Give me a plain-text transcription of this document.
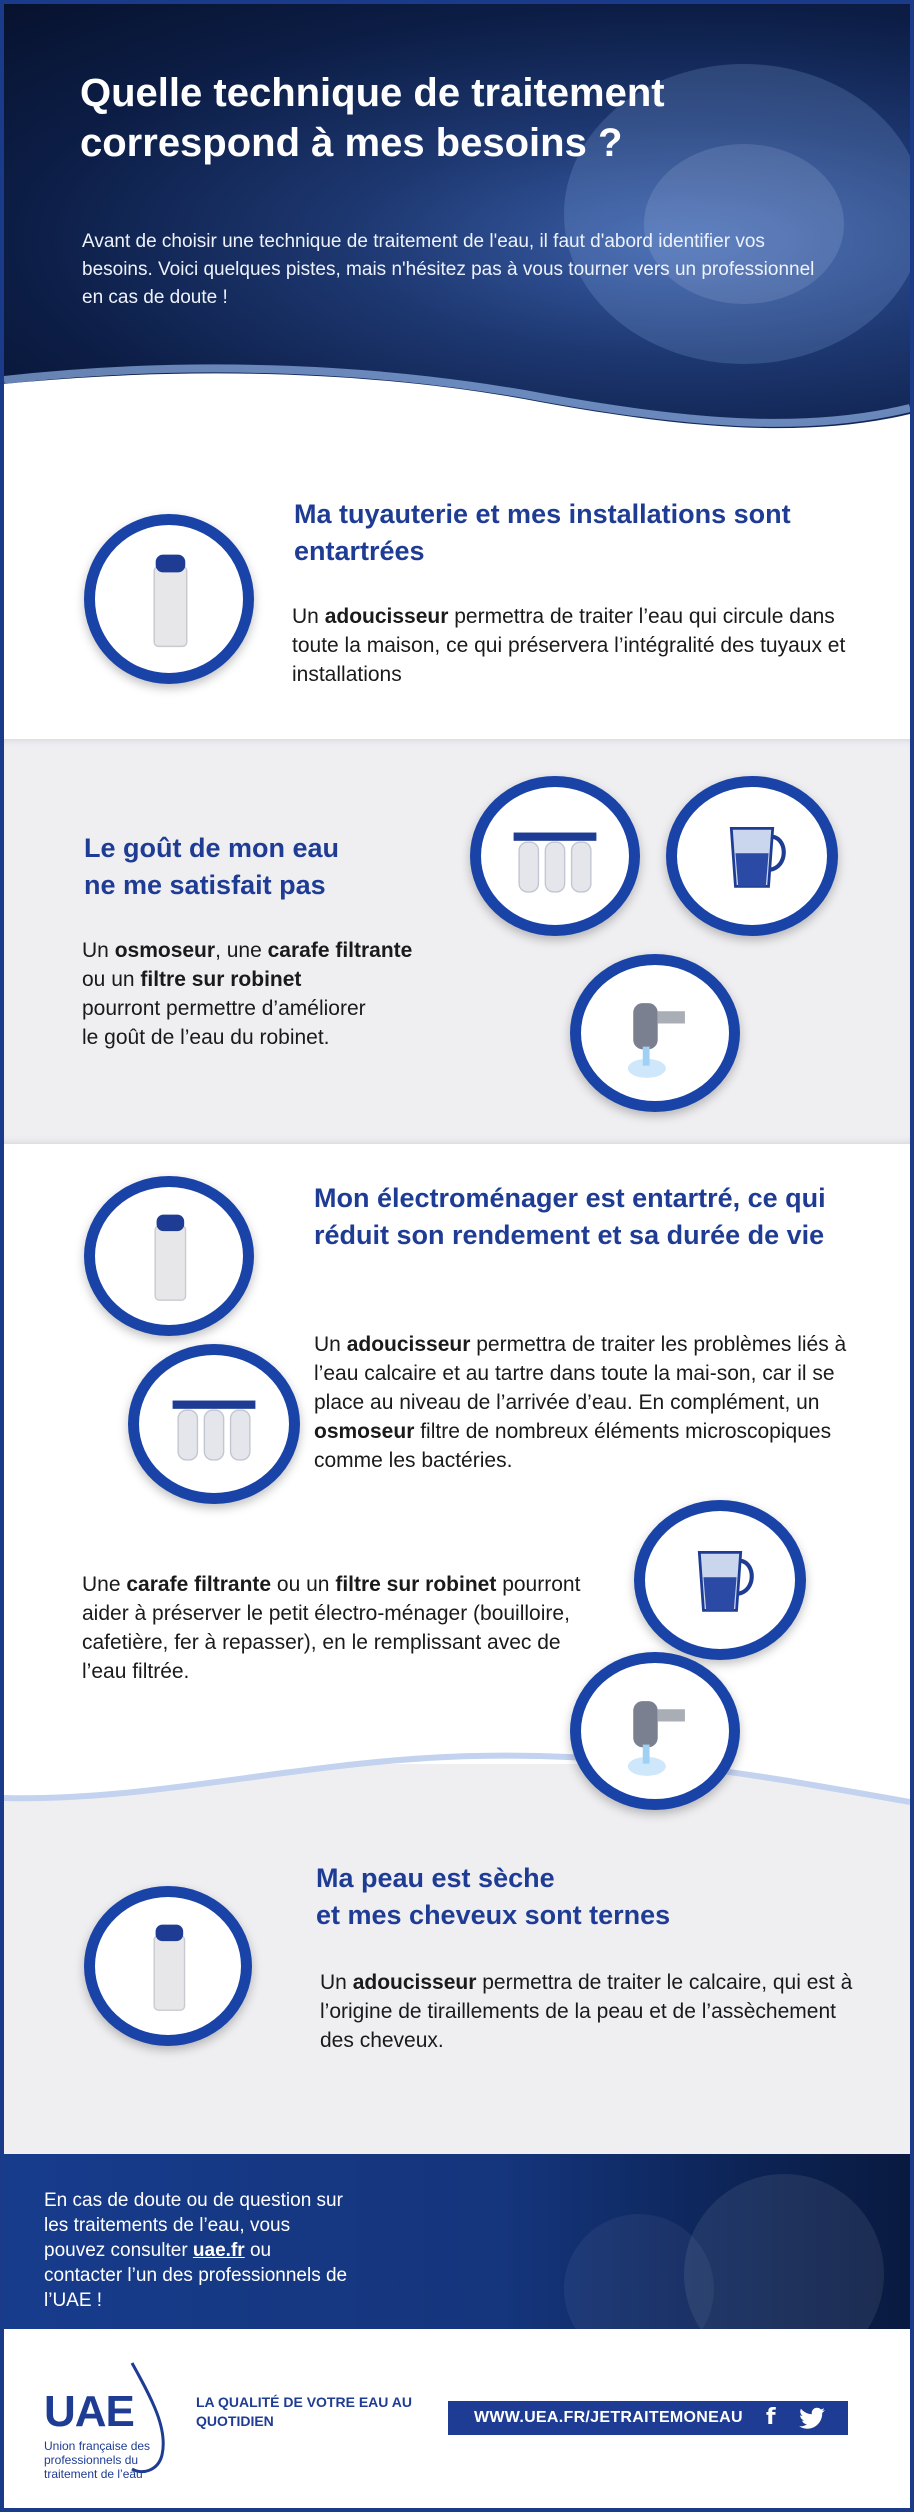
Quelle technique de traitement correspond à mes besoins ?

Avant de choisir une technique de traitement de l'eau, il faut d'abord identifier vos besoins. Voici quelques pistes, mais n'hésitez pas à vous tourner vers un professionnel en cas de doute !

Ma tuyauterie et mes installations sont entartrées
Un adoucisseur permettra de traiter l’eau qui circule dans toute la maison, ce qui préservera l’intégralité des tuyaux et installations
Le goût de mon eau
ne me satisfait pas
Un osmoseur, une carafe filtrante
ou un filtre sur robinet
pourront permettre d’améliorer
le goût de l’eau du robinet.
Mon électroménager est entartré, ce qui réduit son rendement et sa durée de vie
Un adoucisseur permettra de traiter les problèmes liés à l’eau calcaire et au tartre dans toute la mai-son, car il se place au niveau de l’arrivée d’eau. En complément, un osmoseur filtre de nombreux éléments microscopiques comme les bactéries.
Une carafe filtrante ou un filtre sur robinet pourront aider à préserver le petit électro-ménager (bouilloire, cafetière, fer à repasser), en le remplissant avec de l’eau filtrée.
Ma peau est sèche
et mes cheveux sont ternes
Un adoucisseur permettra de traiter le calcaire, qui est à l’origine de tiraillements de la peau et de l’assèchement des cheveux.

En cas de doute ou de question sur les traitements de l’eau, vous pouvez consulter uae.fr ou contacter l’un des professionnels de l’UAE !

UAE
Union française des professionnels du traitement de l’eau
LA QUALITÉ DE VOTRE EAU AU QUOTIDIEN	WWW.UEA.FR/JETRAITEMONEAU f
